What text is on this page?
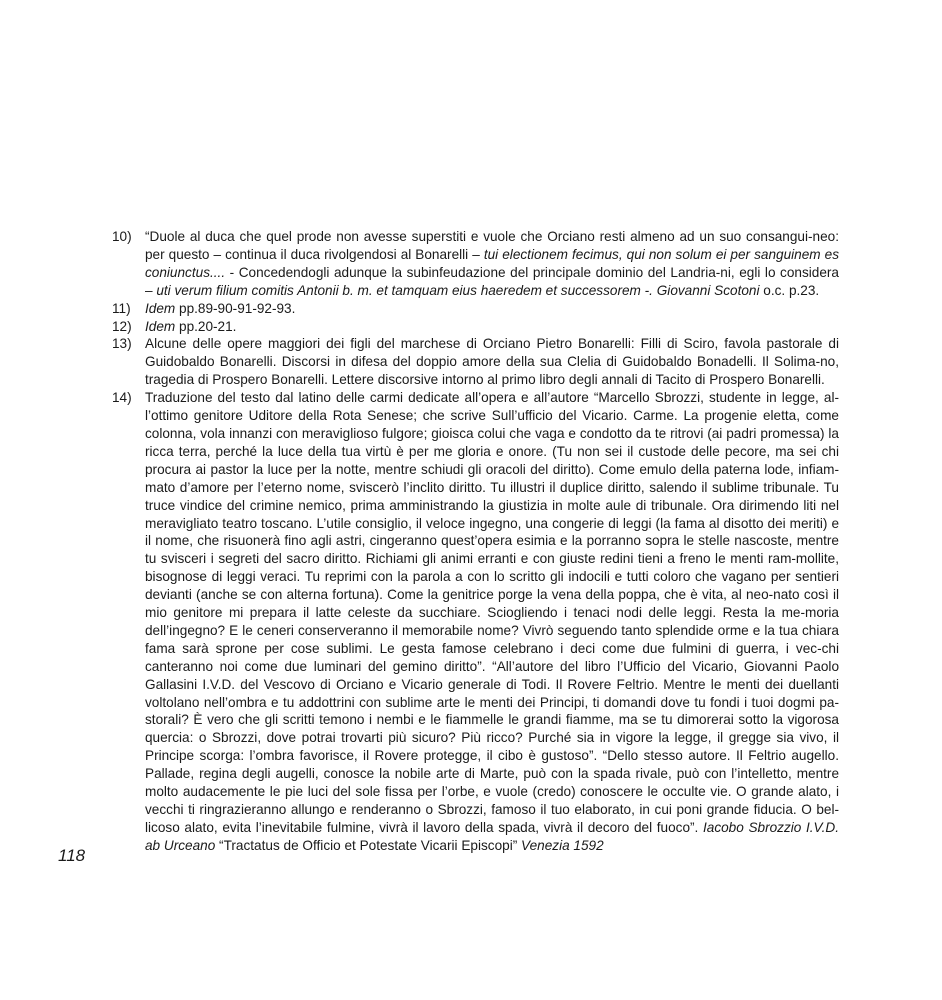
10) “Duole al duca che quel prode non avesse superstiti e vuole che Orciano resti almeno ad un suo consangui-neo: per questo – continua il duca rivolgendosi al Bonarelli – tui electionem fecimus, qui non solum ei per sanguinem es coniunctus.... - Concedendogli adunque la subinfeudazione del principale dominio del Landria-ni, egli lo considera – uti verum filium comitis Antonii b. m. et tamquam eius haeredem et successorem -. Giovanni Scotoni o.c. p.23.
11)	Idem pp.89-90-91-92-93.
12) Idem pp.20-21.
13) Alcune delle opere maggiori dei figli del marchese di Orciano Pietro Bonarelli: Filli di Sciro, favola pastorale di Guidobaldo Bonarelli. Discorsi in difesa del doppio amore della sua Clelia di Guidobaldo Bonadelli. Il Solima-no, tragedia di Prospero Bonarelli. Lettere discorsive intorno al primo libro degli annali di Tacito di Prospero Bonarelli.
14) Traduzione del testo dal latino delle carmi dedicate all’opera e all’autore “Marcello Sbrozzi, studente in legge, al-l’ottimo genitore Uditore della Rota Senese; che scrive Sull’ufficio del Vicario. Carme. La progenie eletta, come colonna, vola innanzi con meraviglioso fulgore; gioisca colui che vaga e condotto da te ritrovi (ai padri promessa) la ricca terra, perché la luce della tua virtù è per me gloria e onore. (Tu non sei il custode delle pecore, ma sei chi procura ai pastor la luce per la notte, mentre schiudi gli oracoli del diritto). Come emulo della paterna lode, infiam-mato d’amore per l’eterno nome, sviscerò l’inclito diritto. Tu illustri il duplice diritto, salendo il sublime tribunale. Tu truce vindice del crimine nemico, prima amministrando la giustizia in molte aule di tribunale. Ora dirimendo liti nel meravigliato teatro toscano. L’utile consiglio, il veloce ingegno, una congerie di leggi (la fama al disotto dei meriti) e il nome, che risuonerà fino agli astri, cingeranno quest’opera esimia e la porranno sopra le stelle nascoste, mentre tu svisceri i segreti del sacro diritto. Richiami gli animi erranti e con giuste redini tieni a freno le menti ram-mollite, bisognose di leggi veraci. Tu reprimi con la parola a con lo scritto gli indocili e tutti coloro che vagano per sentieri devianti (anche se con alterna fortuna). Come la genitrice porge la vena della poppa, che è vita, al neo-nato così il mio genitore mi prepara il latte celeste da succhiare. Sciogliendo i tenaci nodi delle leggi. Resta la me-moria dell’ingegno? E le ceneri conserveranno il memorabile nome? Vivrò seguendo tanto splendide orme e la tua chiara fama sarà sprone per cose sublimi. Le gesta famose celebrano i deci come due fulmini di guerra, i vec-chi canteranno noi come due luminari del gemino diritto”. “All’autore del libro l’Ufficio del Vicario, Giovanni Paolo Gallasini I.V.D. del Vescovo di Orciano e Vicario generale di Todi. Il Rovere Feltrio. Mentre le menti dei duellanti voltolano nell’ombra e tu addottrini con sublime arte le menti dei Principi, ti domandi dove tu fondi i tuoi dogmi pa-storali? È vero che gli scritti temono i nembi e le fiammelle le grandi fiamme, ma se tu dimorerai sotto la vigorosa quercia: o Sbrozzi, dove potrai trovarti più sicuro? Più ricco? Purché sia in vigore la legge, il gregge sia vivo, il Principe scorga: l’ombra favorisce, il Rovere protegge, il cibo è gustoso”. “Dello stesso autore. Il Feltrio augello. Pallade, regina degli augelli, conosce la nobile arte di Marte, può con la spada rivale, può con l’intelletto, mentre molto audacemente le pie luci del sole fissa per l’orbe, e vuole (credo) conoscere le occulte vie. O grande alato, i vecchi ti ringrazieranno allungo e renderanno o Sbrozzi, famoso il tuo elaborato, in cui poni grande fiducia. O bel-licoso alato, evita l’inevitabile fulmine, vivrà il lavoro della spada, vivrà il decoro del fuoco”. Iacobo Sbrozzio I.V.D. ab Urceano “Tractatus de Officio et Potestate Vicarii Episcopi” Venezia 1592
118
